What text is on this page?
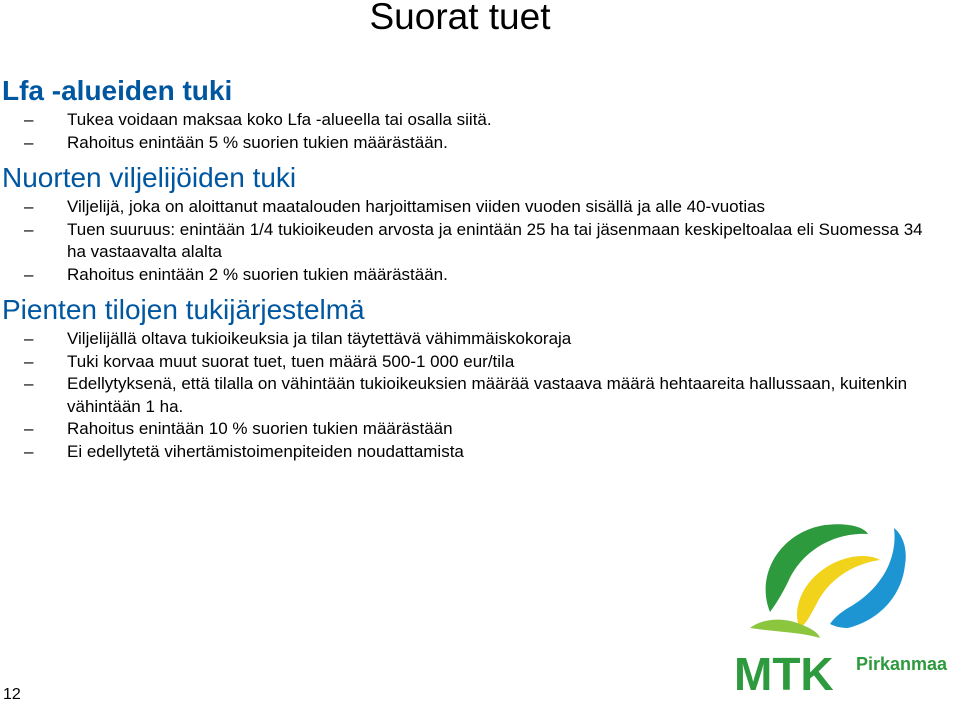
Suorat tuet
Lfa -alueiden tuki
–	Tukea voidaan maksaa koko Lfa -alueella tai osalla siitä.
–	Rahoitus enintään 5 % suorien tukien määrästään.
Nuorten viljelijöiden tuki
–	Viljelijä, joka on aloittanut maatalouden harjoittamisen viiden vuoden sisällä ja alle 40-vuotias
–	Tuen suuruus: enintään 1/4 tukioikeuden arvosta ja enintään 25 ha tai jäsenmaan keskipeltoalaa eli Suomessa 34 ha vastaavalta alalta
–	Rahoitus enintään 2 % suorien tukien määrästään.
Pienten tilojen tukijärjestelmä
–	Viljelijällä oltava tukioikeuksia ja tilan täytettävä vähimmäiskokoraja
–	Tuki korvaa muut suorat tuet, tuen määrä 500-1 000 eur/tila
–	Edellytyksenä, että tilalla on vähintään tukioikeuksien määrää vastaava määrä hehtaareita hallussaan, kuitenkin vähintään 1 ha.
–	Rahoitus enintään 10 % suorien tukien määrästään
–	Ei edellytetä vihertämistoimenpiteiden noudattamista
MTK Pirkanmaa
12
